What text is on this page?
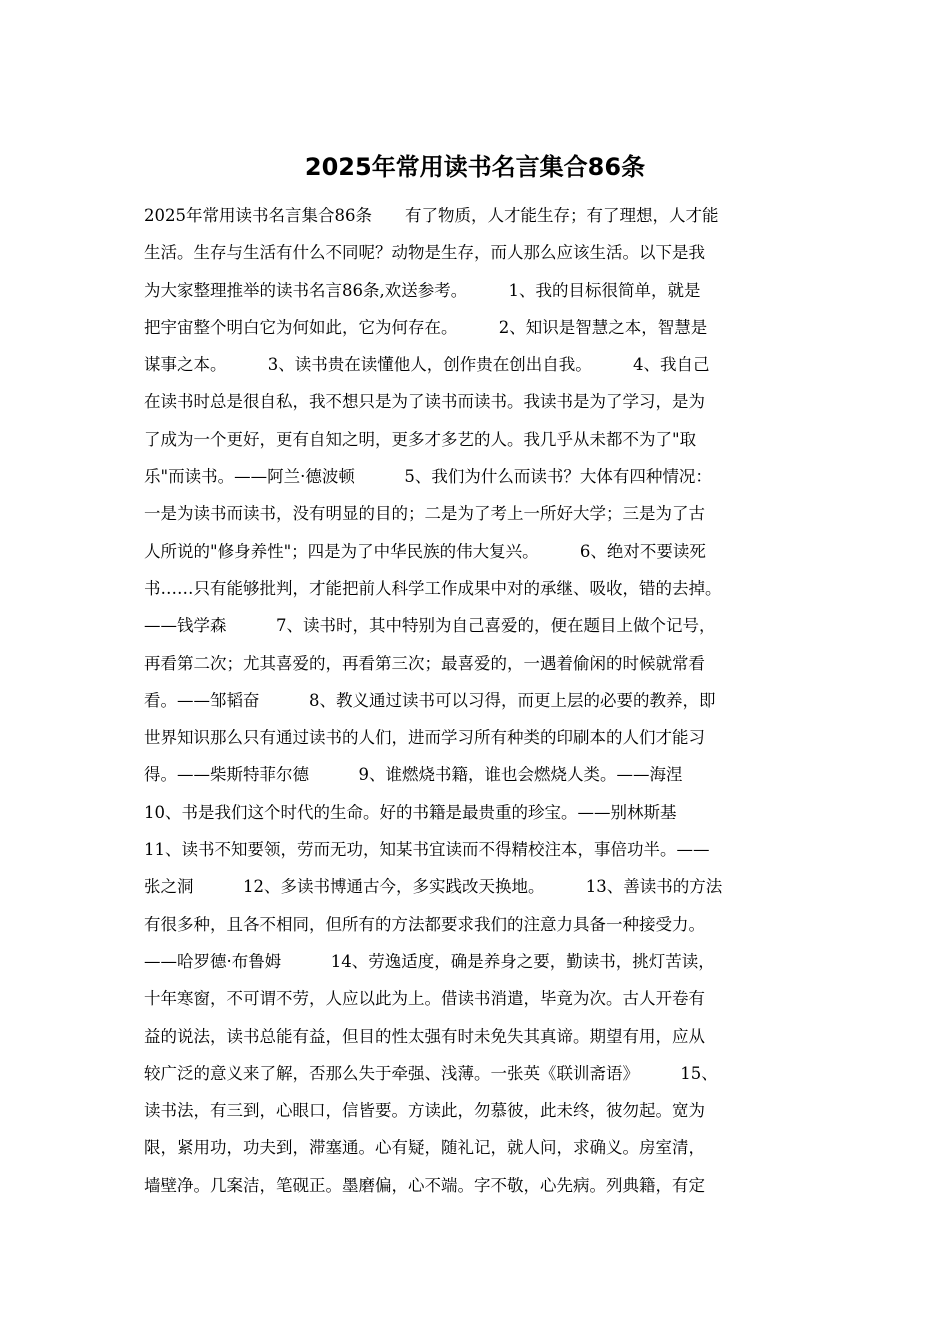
2025年常用读书名言集合86条
2025年常用读书名言集合86条　　有了物质，人才能生存；有了理想，人才能
生活。生存与生活有什么不同呢？动物是生存，而人那么应该生活。以下是我
为大家整理推举的读书名言86条,欢送参考。　　　1、我的目标很简单，就是
把宇宙整个明白它为何如此，它为何存在。　　　2、知识是智慧之本，智慧是
谋事之本。　　　3、读书贵在读懂他人，创作贵在创出自我。　　　4、我自己
在读书时总是很自私，我不想只是为了读书而读书。我读书是为了学习，是为
了成为一个更好，更有自知之明，更多才多艺的人。我几乎从未都不为了"取
乐"而读书。——阿兰·德波顿　　　5、我们为什么而读书？大体有四种情况：
一是为读书而读书，没有明显的目的；二是为了考上一所好大学；三是为了古
人所说的"修身养性"；四是为了中华民族的伟大复兴。　　　6、绝对不要读死
书……只有能够批判，才能把前人科学工作成果中对的承继、吸收，错的去掉。
——钱学森　　　7、读书时，其中特别为自己喜爱的，便在题目上做个记号，
再看第二次；尤其喜爱的，再看第三次；最喜爱的，一遇着偷闲的时候就常看
看。——邹韬奋　　　8、教义通过读书可以习得，而更上层的必要的教养，即
世界知识那么只有通过读书的人们，进而学习所有种类的印刷本的人们才能习
得。——柴斯特菲尔德　　　9、谁燃烧书籍，谁也会燃烧人类。——海涅
10、书是我们这个时代的生命。好的书籍是最贵重的珍宝。——别林斯基
11、读书不知要领，劳而无功，知某书宜读而不得精校注本，事倍功半。——
张之洞　　　12、多读书博通古今，多实践改天换地。　　　13、善读书的方法
有很多种，且各不相同，但所有的方法都要求我们的注意力具备一种接受力。
——哈罗德·布鲁姆　　　14、劳逸适度，确是养身之要，勤读书，挑灯苦读，
十年寒窗，不可谓不劳，人应以此为上。借读书消遣，毕竟为次。古人开卷有
益的说法，读书总能有益，但目的性太强有时未免失其真谛。期望有用，应从
较广泛的意义来了解，否那么失于牵强、浅薄。一张英《联训斋语》　　　15、
读书法，有三到，心眼口，信皆要。方读此，勿慕彼，此未终，彼勿起。宽为
限，紧用功，功夫到，滞塞通。心有疑，随礼记，就人问，求确义。房室清，
墙壁净。几案洁，笔砚正。墨磨偏，心不端。字不敬，心先病。列典籍，有定
